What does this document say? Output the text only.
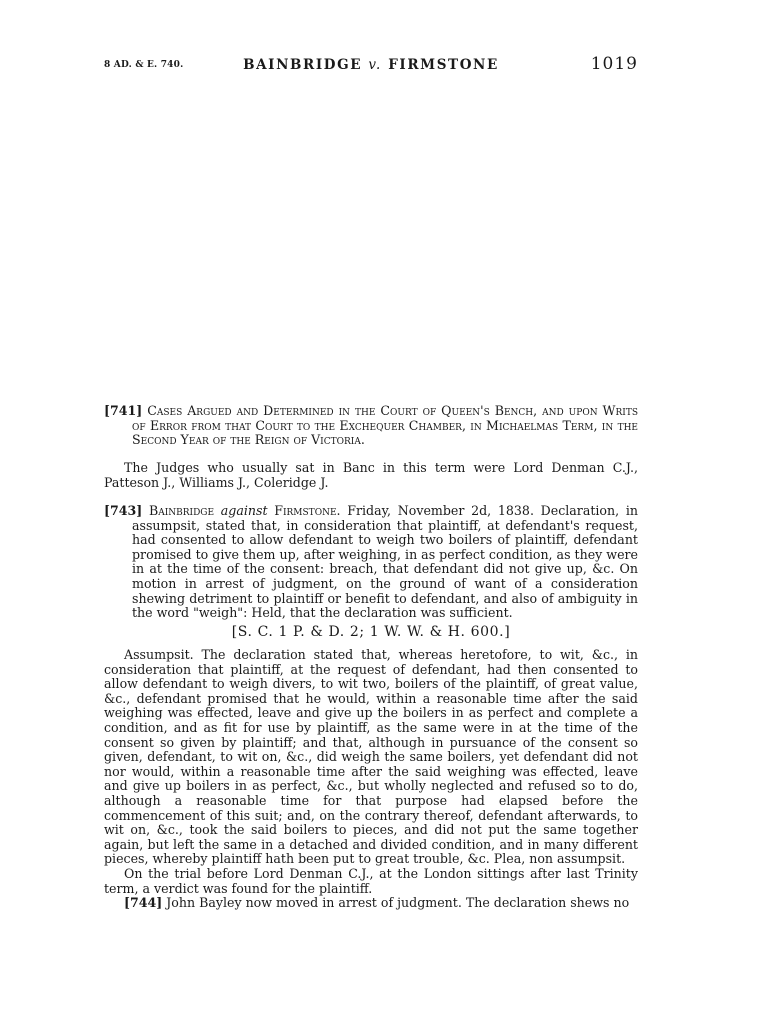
8 AD. & E. 740.	BAINBRIDGE v. FIRMSTONE	1019

[741] Cases Argued and Determined in the Court of Queen's Bench, and upon Writs of Error from that Court to the Exchequer Chamber, in Michaelmas Term, in the Second Year of the Reign of Victoria.

The Judges who usually sat in Banc in this term were Lord Denman C.J., Patteson J., Williams J., Coleridge J.

[743] Bainbridge against Firmstone. Friday, November 2d, 1838. Declaration, in assumpsit, stated that, in consideration that plaintiff, at defendant's request, had consented to allow defendant to weigh two boilers of plaintiff, defendant promised to give them up, after weighing, in as perfect condition, as they were in at the time of the consent: breach, that defendant did not give up, &c. On motion in arrest of judgment, on the ground of want of a consideration shewing detriment to plaintiff or benefit to defendant, and also of ambiguity in the word "weigh": Held, that the declaration was sufficient.

[S. C. 1 P. & D. 2; 1 W. W. & H. 600.]

Assumpsit. The declaration stated that, whereas heretofore, to wit, &c., in consideration that plaintiff, at the request of defendant, had then consented to allow defendant to weigh divers, to wit two, boilers of the plaintiff, of great value, &c., defendant promised that he would, within a reasonable time after the said weighing was effected, leave and give up the boilers in as perfect and complete a condition, and as fit for use by plaintiff, as the same were in at the time of the consent so given by plaintiff; and that, although in pursuance of the consent so given, defendant, to wit on, &c., did weigh the same boilers, yet defendant did not nor would, within a reasonable time after the said weighing was effected, leave and give up boilers in as perfect, &c., but wholly neglected and refused so to do, although a reasonable time for that purpose had elapsed before the commencement of this suit; and, on the contrary thereof, defendant afterwards, to wit on, &c., took the said boilers to pieces, and did not put the same together again, but left the same in a detached and divided condition, and in many different pieces, whereby plaintiff hath been put to great trouble, &c. Plea, non assumpsit.

On the trial before Lord Denman C.J., at the London sittings after last Trinity term, a verdict was found for the plaintiff.

[744] John Bayley now moved in arrest of judgment. The declaration shews no
